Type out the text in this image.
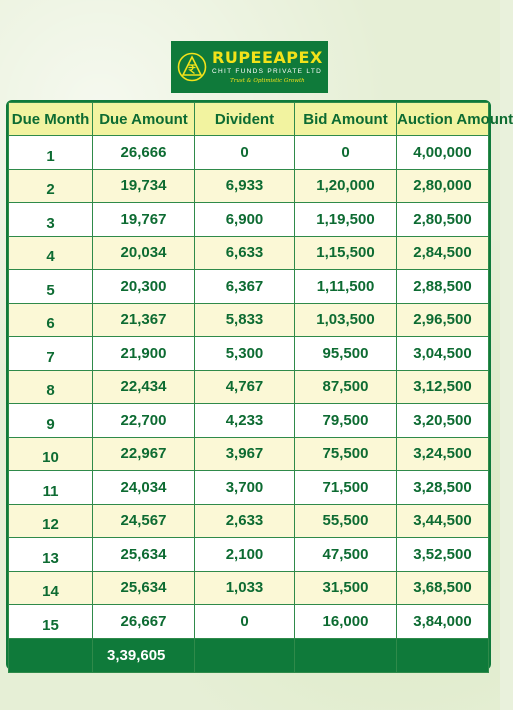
RUPEEAPEX
CHIT FUNDS PRIVATE LTD
Trust & Optimistic Growth
Due Month	Due Amount	Divident	Bid Amount	Auction Amount
1	26,666	0	0	4,00,000
2	19,734	6,933	1,20,000	2,80,000
3	19,767	6,900	1,19,500	2,80,500
4	20,034	6,633	1,15,500	2,84,500
5	20,300	6,367	1,11,500	2,88,500
6	21,367	5,833	1,03,500	2,96,500
7	21,900	5,300	95,500	3,04,500
8	22,434	4,767	87,500	3,12,500
9	22,700	4,233	79,500	3,20,500
10	22,967	3,967	75,500	3,24,500
11	24,034	3,700	71,500	3,28,500
12	24,567	2,633	55,500	3,44,500
13	25,634	2,100	47,500	3,52,500
14	25,634	1,033	31,500	3,68,500
15	26,667	0	16,000	3,84,000
	3,39,605			
